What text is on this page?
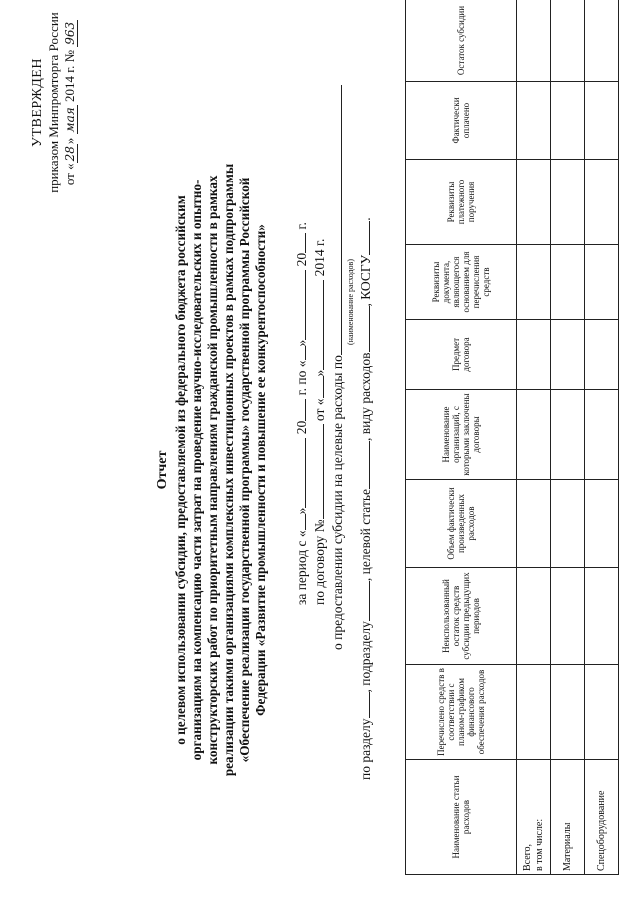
УТВЕРЖДЕН приказом Минпромторга России от «28» мая 2014 г. № 963
Отчет о целевом использовании субсидии, предоставляемой из федерального бюджета российским организациям на компенсацию части затрат на проведение научно-исследовательских и опытно-конструкторских работ по приоритетным направлениям гражданской промышленности в рамках реализации такими организациями комплексных инвестиционных проектов в рамках подпрограммы «Обеспечение реализации государственной программы» государственной программы Российской Федерации «Развитие промышленности и повышение ее конкурентоспособности» за период с «» 20 г. по «» 20 г.
по договору № от «» 2014 г.
о предоставлении субсидии на целевые расходы по
(наименование расходов)
по разделу, подразделу, целевой статье, виду расходов, КОСГУ.
Наименование статьи расходов	Перечислено средств в соответствии с планом-графиком финансового обеспечения расходов	Неиспользованный остаток средств субсидии предыдущих периодов	Объем фактически произведенных расходов	Наименование организаций, с которыми заключены договоры	Предмет договора	Реквизиты документа, являющегося основанием для перечисления средств	Реквизиты платежного поручения	Фактически оплачено	Остаток субсидии

Всего, в том числе:									

Материалы									
Спецоборудование									
